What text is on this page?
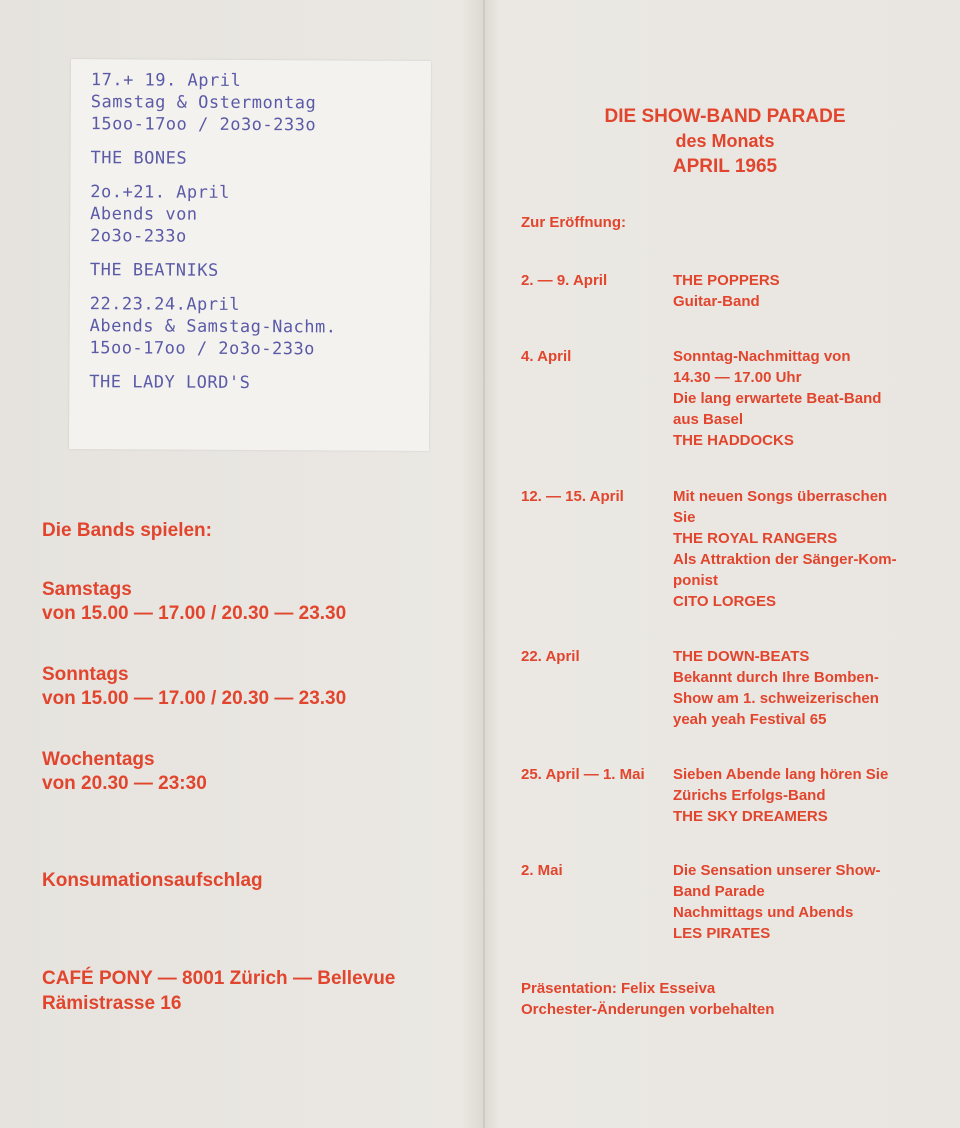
17.+ 19. April
Samstag & Ostermontag
15oo-17oo / 2o3o-233o
THE BONES
2o.+21. April
Abends von
2o3o-233o
THE BEATNIKS
22.23.24.April
Abends & Samstag-Nachm.
15oo-17oo / 2o3o-233o
THE LADY LORD'S
Die Bands spielen:
Samstags
von 15.00 — 17.00 / 20.30 — 23.30
Sonntags
von 15.00 — 17.00 / 20.30 — 23.30
Wochentags
von 20.30 — 23:30
Konsumationsaufschlag
CAFÉ PONY — 8001 Zürich — Bellevue
Rämistrasse 16
DIE SHOW-BAND PARADE
des Monats
APRIL 1965
Zur Eröffnung:
2. — 9. April	THE POPPERS
Guitar-Band
4. April	Sonntag-Nachmittag von
14.30 — 17.00 Uhr
Die lang erwartete Beat-Band
aus Basel
THE HADDOCKS
12. — 15. April	Mit neuen Songs überraschen
Sie
THE ROYAL RANGERS
Als Attraktion der Sänger-Kom-
ponist
CITO LORGES
22. April	THE DOWN-BEATS
Bekannt durch Ihre Bomben-
Show am 1. schweizerischen
yeah yeah Festival 65
25. April — 1. Mai	Sieben Abende lang hören Sie
Zürichs Erfolgs-Band
THE SKY DREAMERS
2. Mai	Die Sensation unserer Show-
Band Parade
Nachmittags und Abends
LES PIRATES
Präsentation: Felix Esseiva
Orchester-Änderungen vorbehalten
